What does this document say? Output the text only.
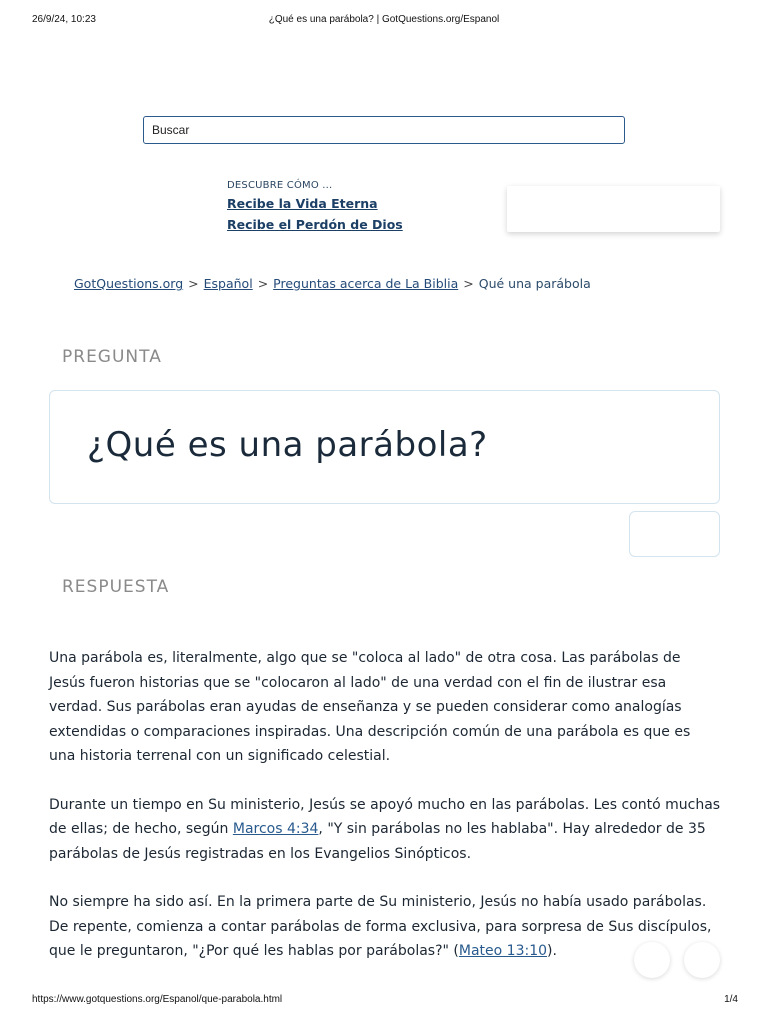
26/9/24, 10:23	¿Qué es una parábola? | GotQuestions.org/Espanol
Buscar
DESCUBRE CÓMO ...
Recibe la Vida Eterna
Recibe el Perdón de Dios
GotQuestions.org > Español > Preguntas acerca de La Biblia > Qué una parábola
PREGUNTA
¿Qué es una parábola?
RESPUESTA

Una parábola es, literalmente, algo que se "coloca al lado" de otra cosa. Las parábolas de Jesús fueron historias que se "colocaron al lado" de una verdad con el fin de ilustrar esa verdad. Sus parábolas eran ayudas de enseñanza y se pueden considerar como analogías extendidas o comparaciones inspiradas. Una descripción común de una parábola es que es una historia terrenal con un significado celestial.

Durante un tiempo en Su ministerio, Jesús se apoyó mucho en las parábolas. Les contó muchas de ellas; de hecho, según Marcos 4:34, "Y sin parábolas no les hablaba". Hay alrededor de 35 parábolas de Jesús registradas en los Evangelios Sinópticos.

No siempre ha sido así. En la primera parte de Su ministerio, Jesús no había usado parábolas. De repente, comienza a contar parábolas de forma exclusiva, para sorpresa de Sus discípulos, que le preguntaron, "¿Por qué les hablas por parábolas?" (Mateo 13:10).

https://www.gotquestions.org/Espanol/que-parabola.html	1/4
